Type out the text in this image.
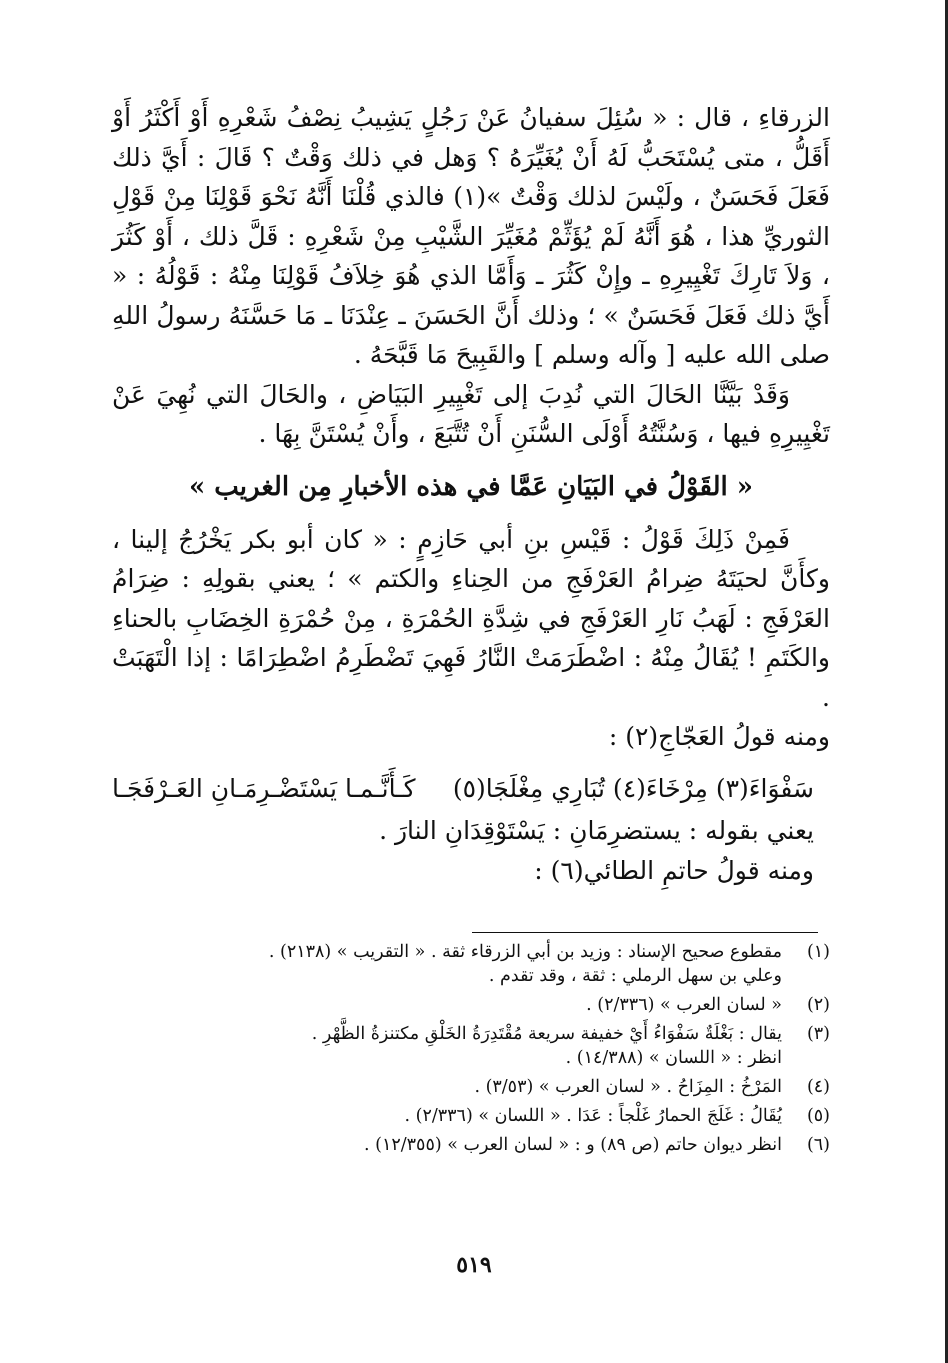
الزرقاءِ ، قال : « سُئِلَ سفيانُ عَنْ رَجُلٍ يَشِيبُ نِصْفُ شَعْرِهِ أَوْ أَكْثَرُ أَوْ أَقَلُّ ، متى يُسْتَحَبُّ لَهُ أَنْ يُغَيِّرَهُ ؟ وَهل في ذلك وَقْتٌ ؟ قَالَ : أَيَّ ذلك فَعَلَ فَحَسَنٌ ، ولَيْسَ لذلك وَقْتٌ »(١) فالذي قُلْنَا أَنَّهُ نَحْوَ قَوْلِنَا مِنْ قَوْلِ الثوريِّ هذا ، هُوَ أَنَّهُ لَمْ يُؤَثِّمْ مُغَيِّرَ الشَّيْبِ مِنْ شَعْرِهِ : قَلَّ ذلك ، أَوْ كَثُرَ ، وَلاَ تَارِكَ تَغْيِيرِهِ ـ وإِنْ كَثُرَ ـ وَأَمَّا الذي هُوَ خِلاَفُ قَوْلِنَا مِنْهُ : قَوْلُهُ : « أَيَّ ذلك فَعَلَ فَحَسَنٌ » ؛ وذلك أَنَّ الحَسَنَ ـ عِنْدَنَا ـ مَا حَسَّنَهُ رسولُ اللهِ صلى الله عليه [ وآله وسلم ] والقَبِيحَ مَا قَبَّحَهُ .

وَقَدْ بَيَّنَّا الحَالَ التي نُدِبَ إلى تَغْيِيرِ البَيَاضِ ، والحَالَ التي نُهِيَ عَنْ تَغْيِيرِهِ فيها ، وَسُنَّتُهُ أَوْلَى السُّنَنِ أَنْ تُتَّبَعَ ، وأَنْ يُسْتَنَّ بِهَا .

« القَوْلُ في البَيَانِ عَمَّا في هذه الأخبارِ مِن الغريب »

فَمِنْ ذَلِكَ قَوْلُ : قَيْسِ بنِ أبي حَازِمٍ : « كان أبو بكر يَخْرُجُ إلينا ، وكأَنَّ لحيَتَهُ ضِرامُ العَرْفَجِ من الحِناءِ والكتم » ؛ يعني بقولِهِ : ضِرَامُ العَرْفَجِ : لَهَبُ نَارِ العَرْفَجِ في شِدَّةِ الحُمْرَةِ ، مِنْ حُمْرَةِ الخِضَابِ بالحناءِ والكَتَمِ ! يُقَالُ مِنْهُ : اضْطَرَمَتْ النَّارُ فَهِيَ تَضْطَرِمُ اضْطِرَامًا : إذا الْتَهَبَتْ .

ومنه قولُ العَجّاجِ(٢) :

سَفْوَاءَ(٣) مِرْخَاءَ(٤) تُبَارِي مِغْلَجَا(٥)
كَـأَنَّـمـا يَسْتَضْـرِمَـانِ العَـرْفَجَـا

يعني بقوله : يستضرِمَانِ : يَسْتَوْقِدَانِ النارَ .

ومنه قولُ حاتمِ الطائي(٦) :

(١)
مقطوع صحيح الإسناد : وزيد بن أبي الزرقاء ثقة . « التقريب » (٢١٣٨) .
وعلي بن سهل الرملي : ثقة ، وقد تقدم .
(٢)
« لسان العرب » (٢/٣٣٦) .
(٣)
يقال : بَغْلَةٌ سَفْوَاءُ أَيْ خفيفة سريعة مُقْتَدِرَةُ الخَلْقِ مكتنزةُ الظَّهْرِ .
انظر : « اللسان » (١٤/٣٨٨) .
(٤)
المَرْخُ : المِزَاحُ . « لسان العرب » (٣/٥٣) .
(٥)
يُقَالُ : غَلَجَ الحمارُ غَلْجاً : عَدَا . « اللسان » (٢/٣٣٦) .
(٦)
انظر ديوان حاتم (ص ٨٩) و : « لسان العرب » (١٢/٣٥٥) .
٥١٩
